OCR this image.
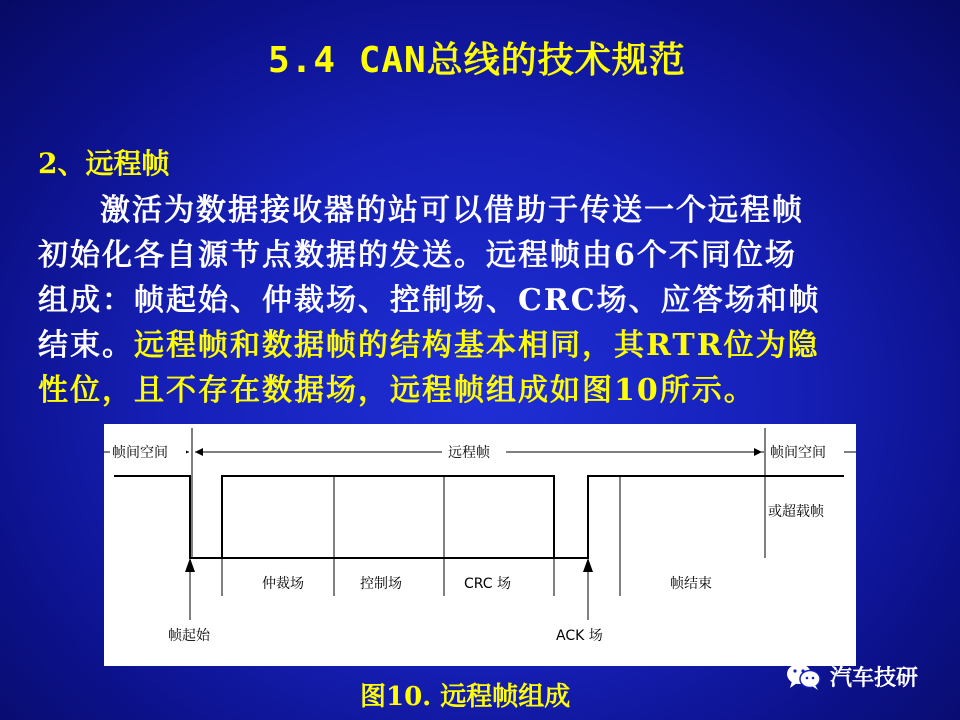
5.4 CAN总线的技术规范
2、远程帧
激活为数据接收器的站可以借助于传送一个远程帧
初始化各自源节点数据的发送。远程帧由6个不同位场
组成：帧起始、仲裁场、控制场、CRC场、应答场和帧
结束。远程帧和数据帧的结构基本相同，其RTR位为隐
性位，且不存在数据场，远程帧组成如图10所示。
帧间空间	远程帧	帧间空间
或超载帧
仲裁场	控制场	CRC 场	帧结束
帧起始	ACK 场
图10. 远程帧组成
汽车技研
